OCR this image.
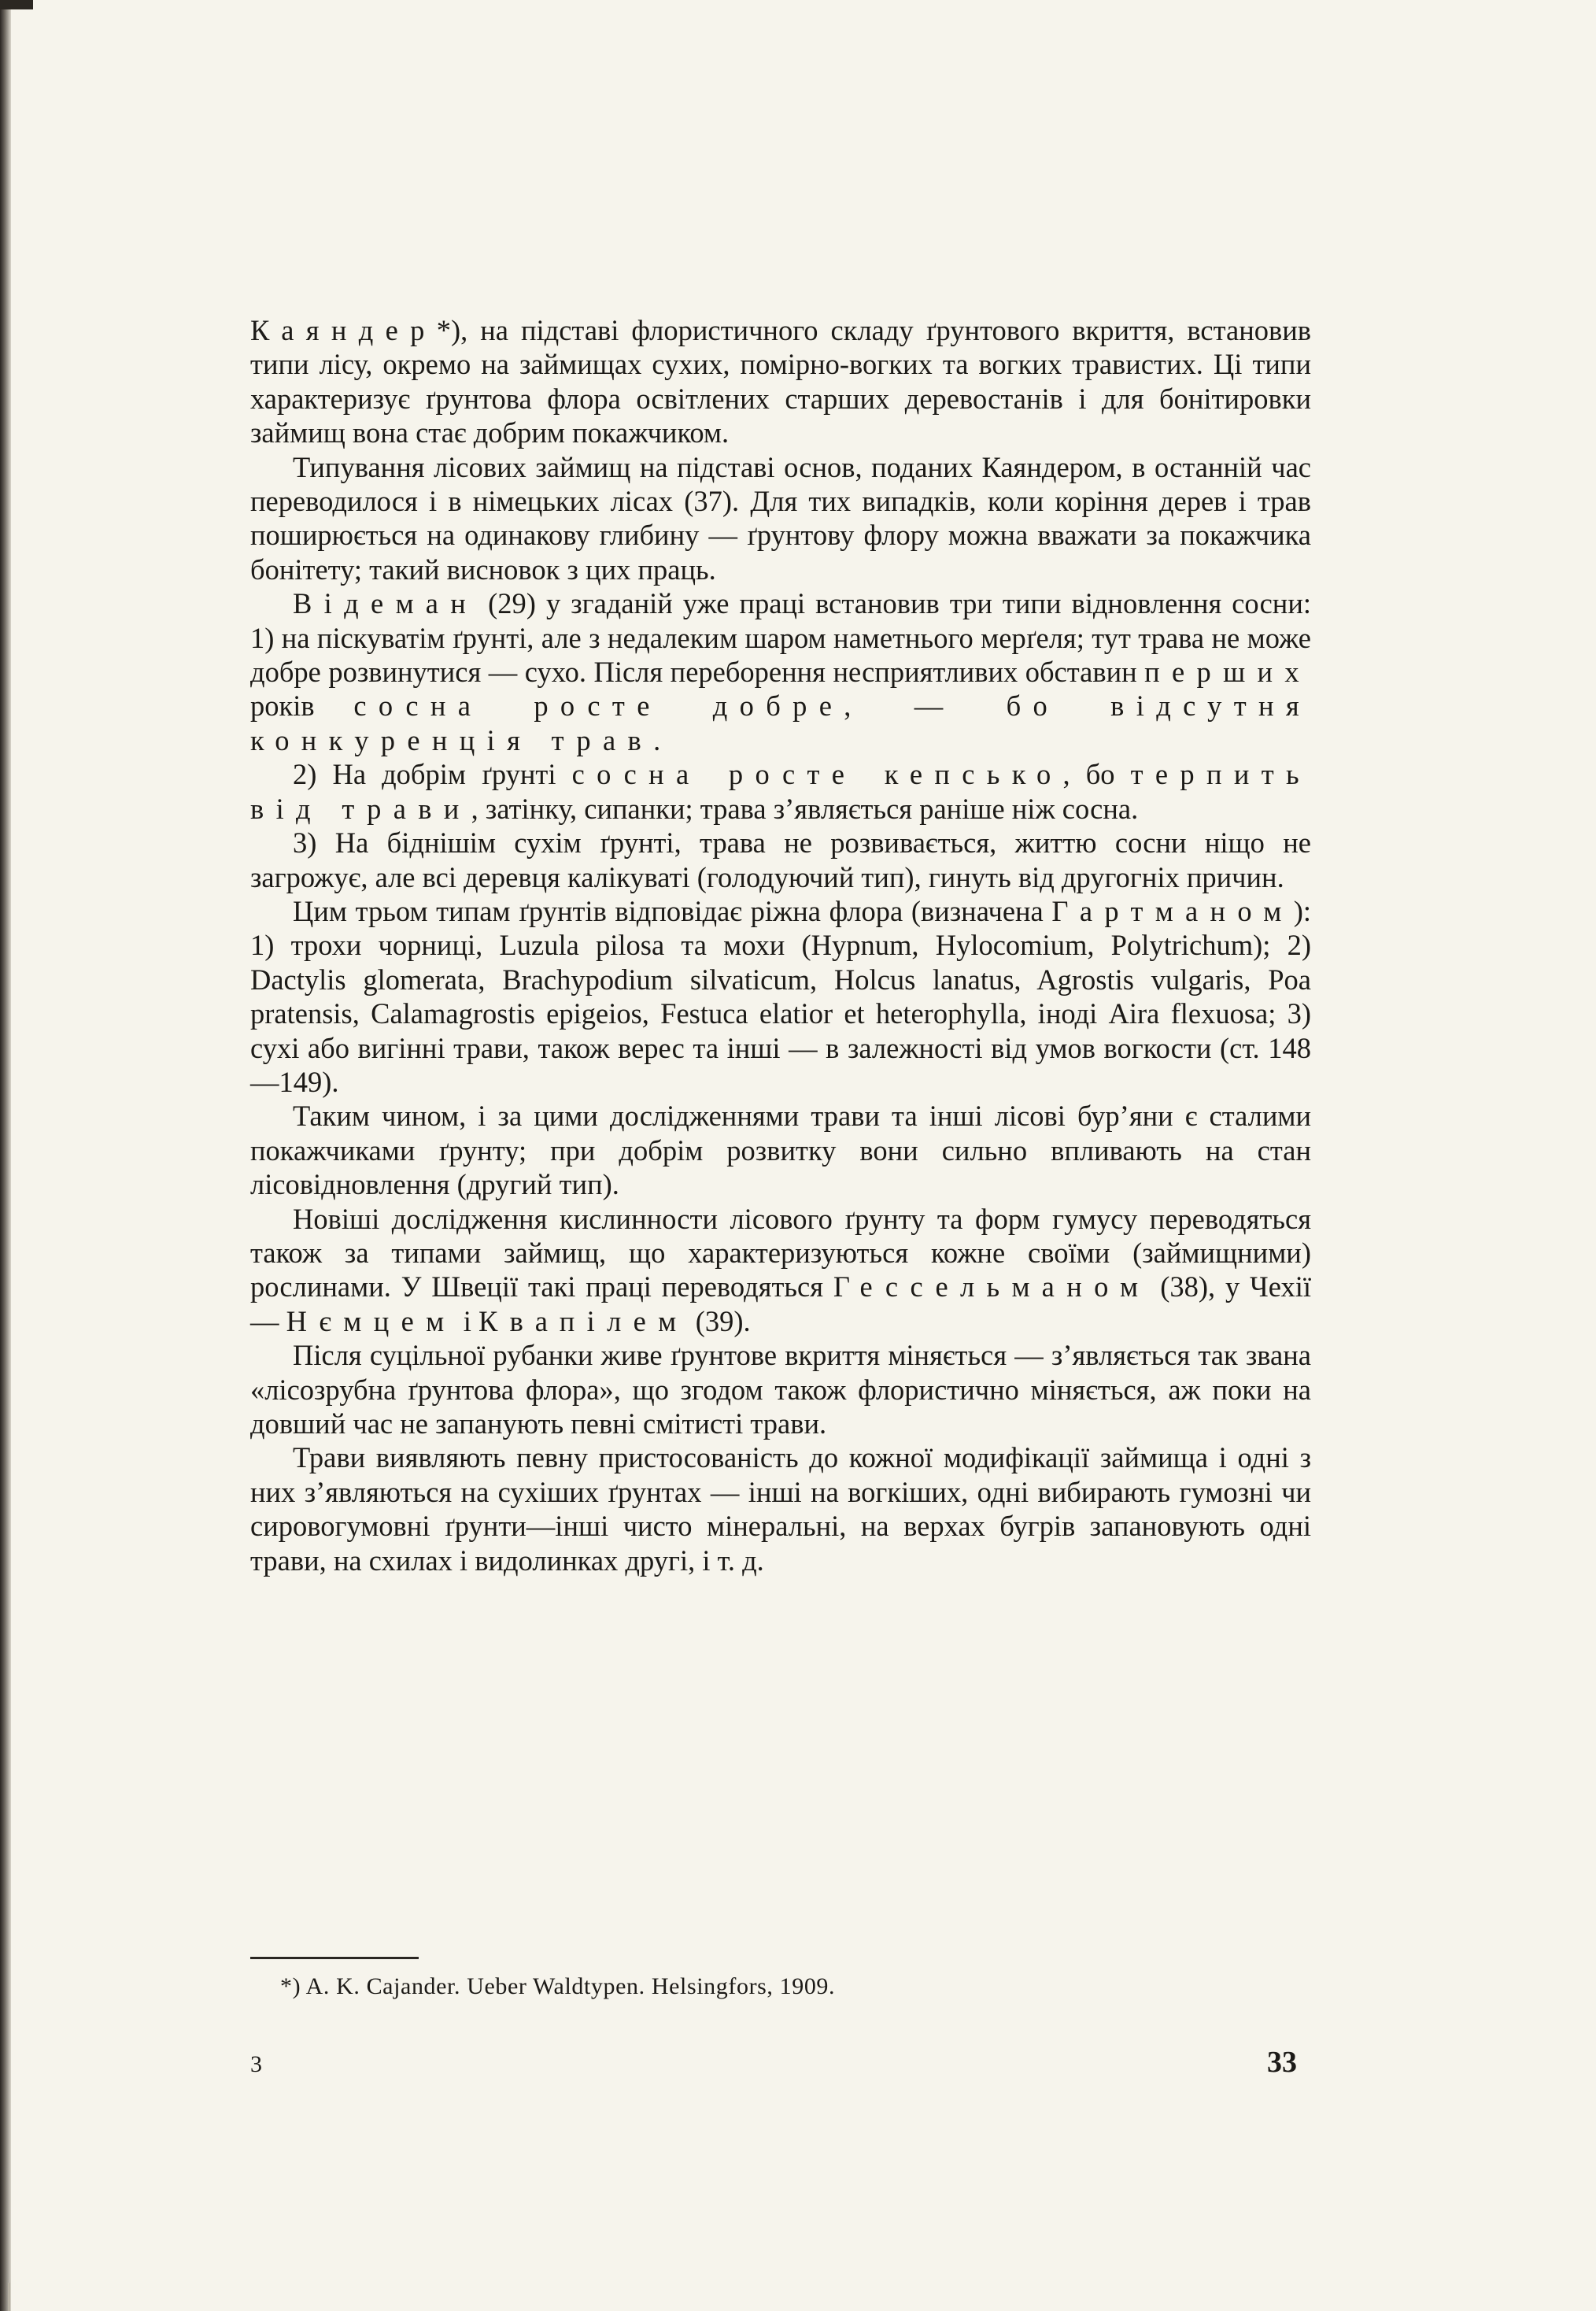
Каяндер*), на підставі флористичного складу ґрунтового вкриття, встановив типи лісу, окремо на займищах сухих, помірно-вогких та вогких травистих. Ці типи характеризує ґрунтова флора освітлених старших деревостанів і для бонітировки займищ вона стає добрим покажчиком.

Типування лісових займищ на підставі основ, поданих Каяндером, в останній час переводилося і в німецьких лісах (37). Для тих випадків, коли коріння дерев і трав поширюється на одинакову глибину — ґрунтову флору можна вважати за покажчика бонітету; такий висновок з цих праць.

Відеман (29) у згаданій уже праці встановив три типи відновлення сосни: 1) на піскуватім ґрунті, але з недалеким шаром наметнього мерґеля; тут трава не може добре розвинутися — сухо. Після переборення несприятливих обставин перших років сосна росте добре, — бо відсутня конкуренція трав.

2) На добрім ґрунті сосна росте кепсько, бо терпить від трави, затінку, сипанки; трава з’являється раніше ніж сосна.

3) На біднішім сухім ґрунті, трава не розвивається, життю сосни ніщо не загрожує, але всі деревця калікуваті (голодуючий тип), гинуть від другогніх причин.

Цим трьом типам ґрунтів відповідає ріжна флора (визначена Гартманом): 1) трохи чорниці, Luzula pilosa та мохи (Hypnum, Hylocomium, Polytrichum); 2) Dactylis glomerata, Brachypodium silvaticum, Holcus lanatus, Agrostis vulgaris, Poa pratensis, Calamagrostis epigeios, Festuca elatior et heterophylla, іноді Aira flexuosa; 3) сухі або вигінні трави, також верес та інші — в залежності від умов вогкости (ст. 148—149).

Таким чином, і за цими дослідженнями трави та інші лісові бур’яни є сталими покажчиками ґрунту; при добрім розвитку вони сильно впливають на стан лісовідновлення (другий тип).

Новіші дослідження кислинности лісового ґрунту та форм гумусу переводяться також за типами займищ, що характеризуються кожне своїми (займищними) рослинами. У Швеції такі праці переводяться Гессельманом (38), у Чехії — Нємцем і Квапілем (39).

Після суцільної рубанки живе ґрунтове вкриття міняється — з’являється так звана «лісозрубна ґрунтова флора», що згодом також флористично міняється, аж поки на довший час не запанують певні смітисті трави.

Трави виявляють певну пристосованість до кожної модифікації займища і одні з них з’являються на сухіших ґрунтах — інші на вогкіших, одні вибирають гумозні чи сировогумовні ґрунти—інші чисто мінеральні, на верхах бугрів запановують одні трави, на схилах і видолинках другі, і т. д.

*) A. K. Cajander. Ueber Waldtypen. Helsingfors, 1909.
3	33
